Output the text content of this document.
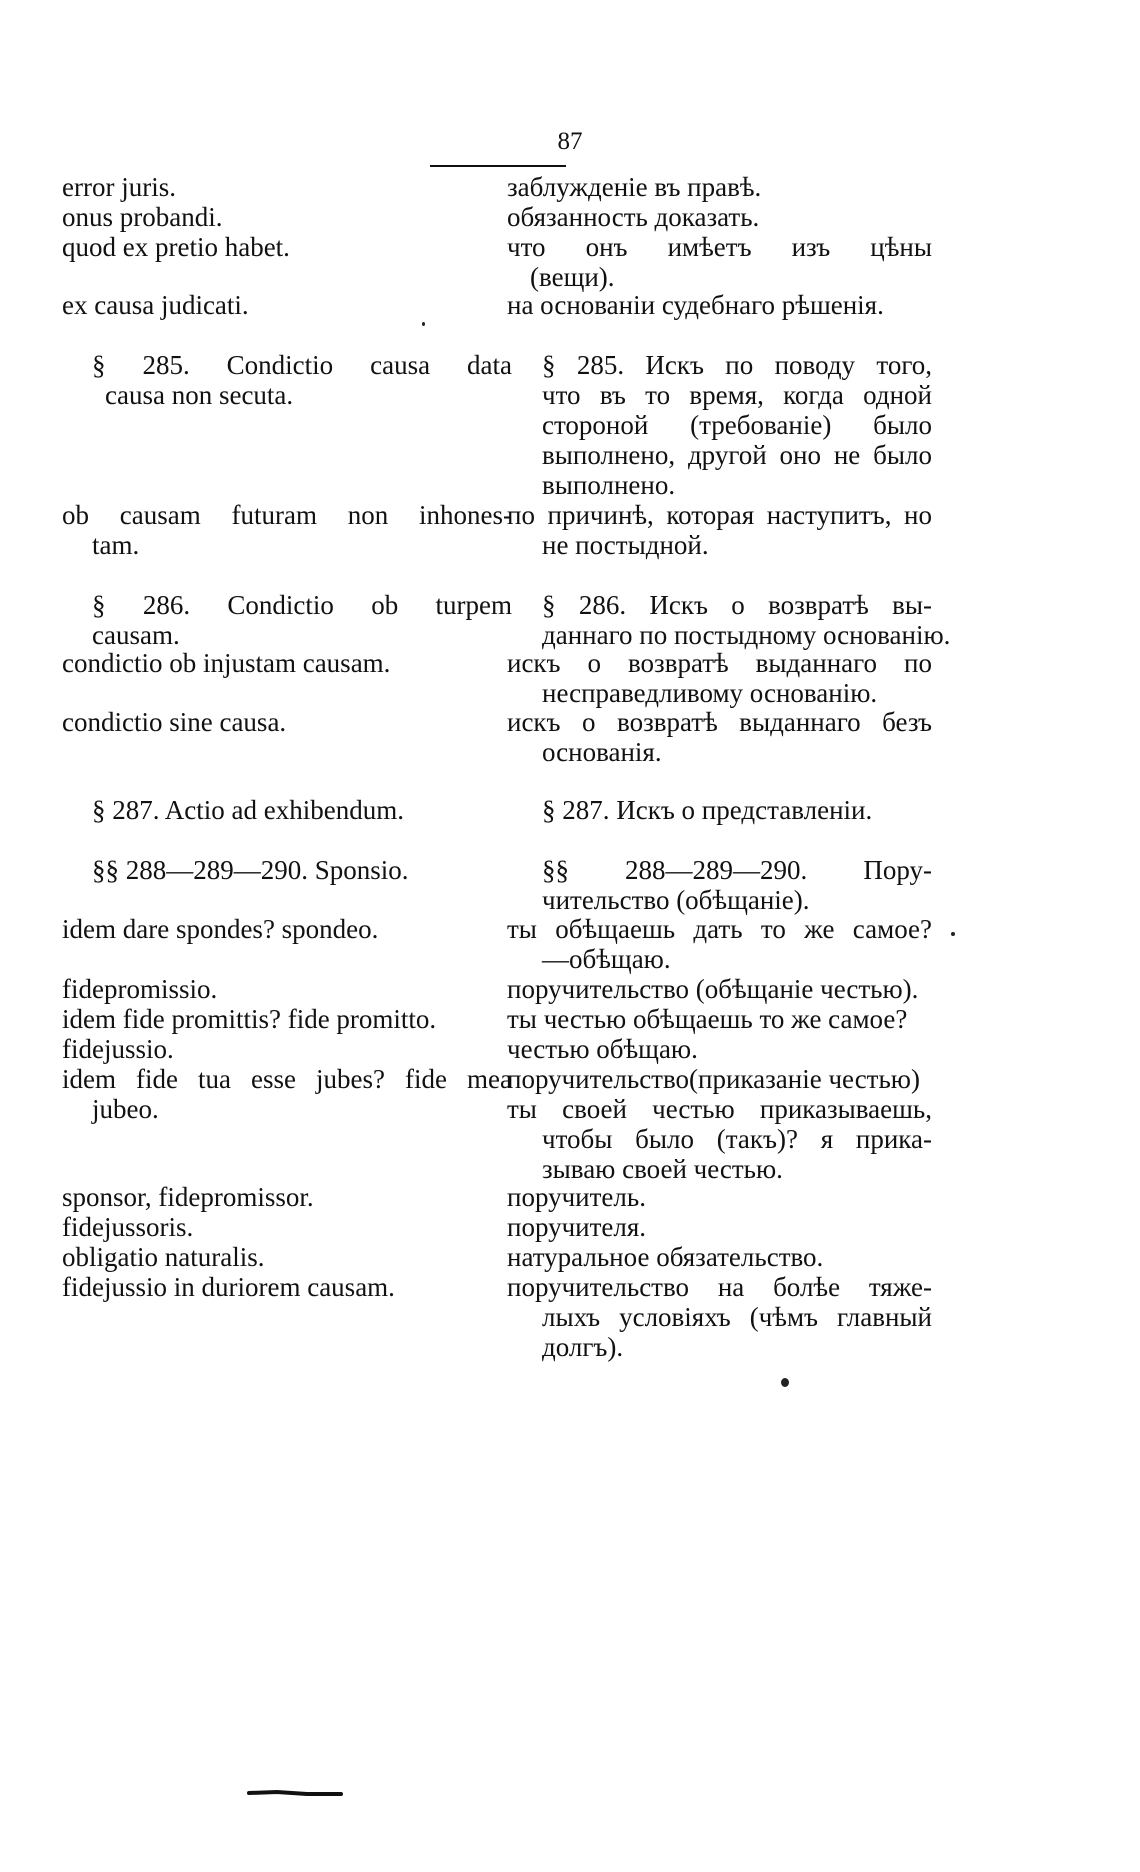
87
error juris.
onus probandi.
quod ex pretio habet.
ex causa judicati.
§ 285. Condictio causa data
causa non secuta.
ob causam futuram non inhones-
tam.
§ 286. Condictio ob turpem
causam.
condictio ob injustam causam.
condictio sine causa.
§ 287. Actio ad exhibendum.
§§ 288—289—290. Sponsio.
idem dare spondes? spondeo.
fidepromissio.
idem fide promittis? fide promitto.
fidejussio.
idem fide tua esse jubes? fide mea
jubeo.
sponsor, fidepromissor.
fidejussoris.
obligatio naturalis.
fidejussio in duriorem causam.
заблужденіе въ правѣ.
обязанность доказать.
что онъ имѣетъ изъ цѣны
(вещи).
на основаніи судебнаго рѣшенія.
§ 285. Искъ по поводу того,
что въ то время, когда одной
стороной (требованіе) было
выполнено, другой оно не было
выполнено.
по причинѣ, которая наступитъ, но
не постыдной.
§ 286. Искъ о возвратѣ вы-
даннаго по постыдному основанію.
искъ о возвратѣ выданнаго по
несправедливому основанію.
искъ о возвратѣ выданнаго безъ
основанія.
§ 287. Искъ о представленіи.
§§ 288—289—290. Пору-
чительство (обѣщаніе).
ты обѣщаешь дать то же самое?
—обѣщаю.
поручительство (обѣщаніе честью).
ты честью обѣщаешь то же самое?
честью обѣщаю.
поручительство(приказаніе честью)
ты своей честью приказываешь,
чтобы было (такъ)? я прика-
зываю своей честью.
поручитель.
поручителя.
натуральное обязательство.
поручительство на болѣе тяже-
лыхъ условіяхъ (чѣмъ главный
долгъ).
